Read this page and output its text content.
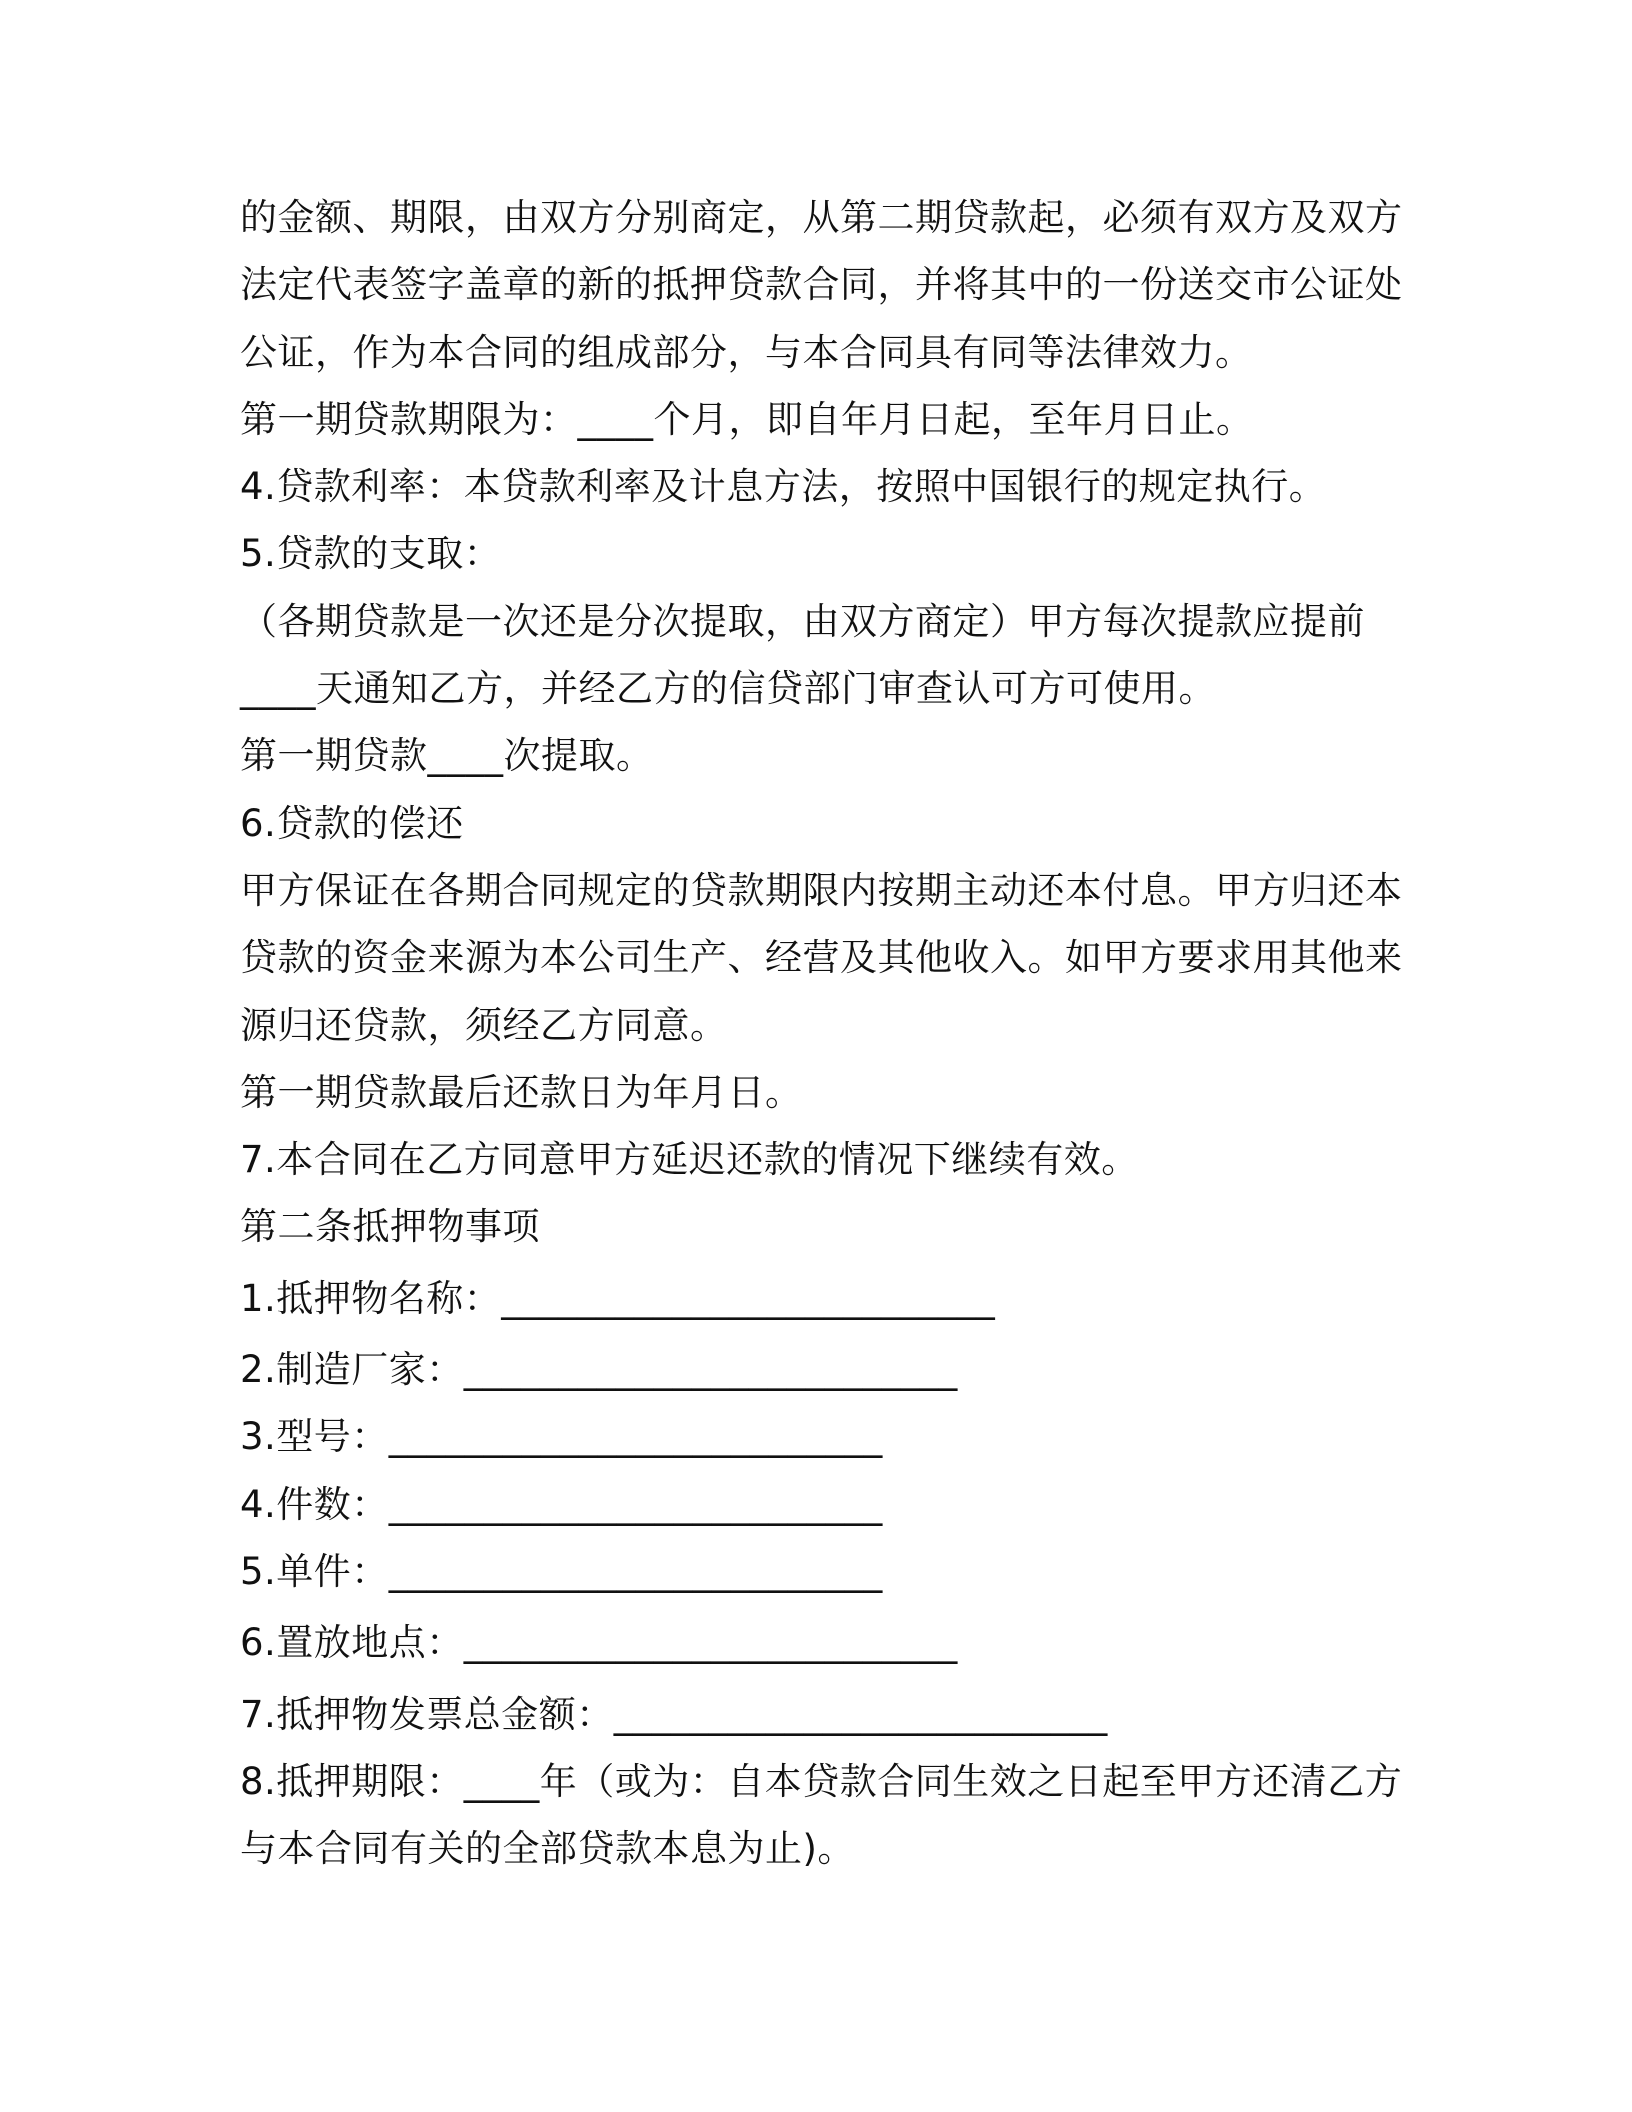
的金额、期限，由双方分别商定，从第二期贷款起，必须有双方及双方
法定代表签字盖章的新的抵押贷款合同，并将其中的一份送交市公证处
公证，作为本合同的组成部分，与本合同具有同等法律效力。
第一期贷款期限为：____个月，即自年月日起，至年月日止。
4.贷款利率：本贷款利率及计息方法，按照中国银行的规定执行。
5.贷款的支取：
（各期贷款是一次还是分次提取，由双方商定）甲方每次提款应提前
____天通知乙方，并经乙方的信贷部门审查认可方可使用。
第一期贷款____次提取。
6.贷款的偿还
甲方保证在各期合同规定的贷款期限内按期主动还本付息。甲方归还本
贷款的资金来源为本公司生产、经营及其他收入。如甲方要求用其他来
源归还贷款，须经乙方同意。
第一期贷款最后还款日为年月日。
7.本合同在乙方同意甲方延迟还款的情况下继续有效。
第二条抵押物事项
1.抵押物名称：__________________________
2.制造厂家：__________________________
3.型号：__________________________
4.件数：__________________________
5.单件：__________________________
6.置放地点：__________________________
7.抵押物发票总金额：__________________________
8.抵押期限：____年（或为：自本贷款合同生效之日起至甲方还清乙方
与本合同有关的全部贷款本息为止)。
